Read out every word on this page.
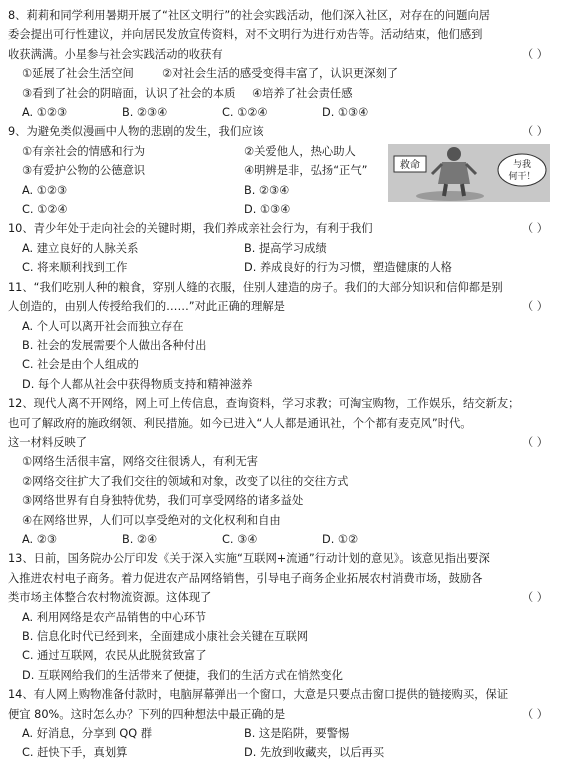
8、莉莉和同学利用暑期开展了“社区文明行”的社会实践活动，他们深入社区，对存在的问题向居
委会提出可行性建议，并向居民发放宣传资料，对不文明行为进行劝告等。活动结束，他们感到
收获满满。小星参与社会实践活动的收获有	（ ）
①延展了社会生活空间	②对社会生活的感受变得丰富了，认识更深刻了
③看到了社会的阴暗面，认识了社会的本质	④培养了社会责任感
A. ①②③	B. ②③④	C. ①②④	D. ①③④
9、为避免类似漫画中人物的悲剧的发生，我们应该	（ ）
①有亲社会的情感和行为	②关爱他人，热心助人
③有爱护公物的公德意识	④明辨是非，弘扬“正气”
A. ①②③	B. ②③④
C. ①②④	D. ①③④
救命	与我
何干！
10、青少年处于走向社会的关键时期，我们养成亲社会行为，有利于我们	（ ）
A. 建立良好的人脉关系	B. 提高学习成绩
C. 将来顺利找到工作	D. 养成良好的行为习惯，塑造健康的人格
11、“我们吃别人种的粮食，穿别人缝的衣服，住别人建造的房子。我们的大部分知识和信仰都是别
人创造的，由别人传授给我们的……”对此正确的理解是	（ ）
A. 个人可以离开社会而独立存在
B. 社会的发展需要个人做出各种付出
C. 社会是由个人组成的
D. 每个人都从社会中获得物质支持和精神滋养
12、现代人离不开网络，网上可上传信息，查询资料，学习求教；可淘宝购物，工作娱乐，结交新友；
也可了解政府的施政纲领、利民措施。如今已进入“人人都是通讯社，个个都有麦克风”时代。
这一材料反映了	（ ）
①网络生活很丰富，网络交往很诱人，有利无害
②网络交往扩大了我们交往的领域和对象，改变了以往的交往方式
③网络世界有自身独特优势，我们可享受网络的诸多益处
④在网络世界，人们可以享受绝对的文化权利和自由
A. ②③	B. ②④	C. ③④	D. ①②
13、日前，国务院办公厅印发《关于深入实施“互联网+流通”行动计划的意见》。该意见指出要深
入推进农村电子商务。着力促进农产品网络销售，引导电子商务企业拓展农村消费市场，鼓励各
类市场主体整合农村物流资源。这体现了	（ ）
A. 利用网络是农产品销售的中心环节
B. 信息化时代已经到来，全面建成小康社会关键在互联网
C. 通过互联网，农民从此脱贫致富了
D. 互联网给我们的生活带来了便捷，我们的生活方式在悄然变化
14、有人网上购物准备付款时，电脑屏幕弹出一个窗口，大意是只要点击窗口提供的链接购买，保证
便宜 80%。这时怎么办？下列的四种想法中最正确的是	（ ）
A. 好消息，分享到 QQ 群	B. 这是陷阱，要警惕
C. 赶快下手，真划算	D. 先放到收藏夹，以后再买
